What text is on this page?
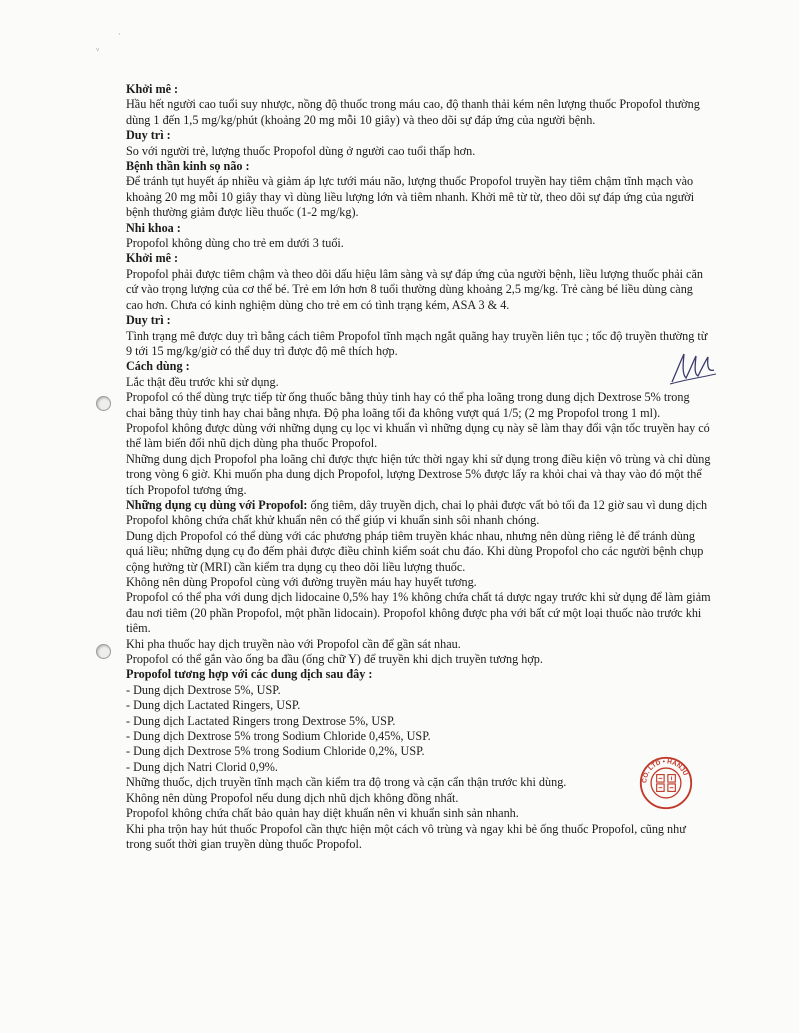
ᵥ
·

Khởi mê :

Hầu hết người cao tuổi suy nhược, nồng độ thuốc trong máu cao, độ thanh thải kém nên lượng thuốc Propofol thường dùng 1 đến 1,5 mg/kg/phút (khoảng 20 mg mỗi 10 giây) và theo dõi sự đáp ứng của người bệnh.

Duy trì :

So với người trẻ, lượng thuốc Propofol dùng ở người cao tuổi thấp hơn.

Bệnh thần kinh sọ não :

Để tránh tụt huyết áp nhiều và giảm áp lực tưới máu não, lượng thuốc Propofol truyền hay tiêm chậm tĩnh mạch vào khoảng 20 mg mỗi 10 giây thay vì dùng liều lượng lớn và tiêm nhanh. Khởi mê từ từ, theo dõi sự đáp ứng của người bệnh thường giảm được liều thuốc (1-2 mg/kg).

Nhi khoa :

Propofol không dùng cho trẻ em dưới 3 tuổi.

Khởi mê :

Propofol phải được tiêm chậm và theo dõi dấu hiệu lâm sàng và sự đáp ứng của người bệnh, liều lượng thuốc phải căn cứ vào trọng lượng của cơ thể bé. Trẻ em lớn hơn 8 tuổi thường dùng khoảng 2,5 mg/kg. Trẻ càng bé liều dùng càng cao hơn. Chưa có kinh nghiệm dùng cho trẻ em có tình trạng kém, ASA 3 & 4.

Duy trì :

Tình trạng mê được duy trì bằng cách tiêm Propofol tĩnh mạch ngắt quãng hay truyền liên tục ; tốc độ truyền thường từ 9 tới 15 mg/kg/giờ có thể duy trì được độ mê thích hợp.

Cách dùng :

Lắc thật đều trước khi sử dụng.

Propofol có thể dùng trực tiếp từ ống thuốc bằng thủy tinh hay có thể pha loãng trong dung dịch Dextrose 5% trong chai bằng thủy tinh hay chai bằng nhựa. Độ pha loãng tối đa không vượt quá 1/5; (2 mg Propofol trong 1 ml).

Propofol không được dùng với những dụng cụ lọc vi khuẩn vì những dụng cụ này sẽ làm thay đổi vận tốc truyền hay có thể làm biến đổi nhũ dịch dùng pha thuốc Propofol.

Những dung dịch Propofol pha loãng chỉ được thực hiện tức thời ngay khi sử dụng trong điều kiện vô trùng và chỉ dùng trong vòng 6 giờ. Khi muốn pha dung dịch Propofol, lượng Dextrose 5% được lấy ra khỏi chai và thay vào đó một thể tích Propofol tương ứng.

Những dụng cụ dùng với Propofol: ống tiêm, dây truyền dịch, chai lọ phải được vất bỏ tối đa 12 giờ sau vì dung dịch Propofol không chứa chất khử khuẩn nên có thể giúp vi khuẩn sinh sôi nhanh chóng.

Dung dịch Propofol có thể dùng với các phương pháp tiêm truyền khác nhau, nhưng nên dùng riêng lẻ để tránh dùng quá liều; những dụng cụ đo đếm phải được điều chỉnh kiểm soát chu đáo. Khi dùng Propofol cho các người bệnh chụp cộng hưởng từ (MRI) cần kiểm tra dụng cụ theo dõi liều lượng thuốc.

Không nên dùng Propofol cùng với đường truyền máu hay huyết tương.

Propofol có thể pha với dung dịch lidocaine 0,5% hay 1% không chứa chất tá dược ngay trước khi sử dụng để làm giảm đau nơi tiêm (20 phần Propofol, một phần lidocain). Propofol không được pha với bất cứ một loại thuốc nào trước khi tiêm.

Khi pha thuốc hay dịch truyền nào với Propofol cần để gần sát nhau.

Propofol có thể gắn vào ống ba đầu (ống chữ Y) để truyền khi dịch truyền tương hợp.

Propofol tương hợp với các dung dịch sau đây :

- Dung dịch Dextrose 5%, USP.

- Dung dịch Lactated Ringers, USP.

- Dung dịch Lactated Ringers trong Dextrose 5%, USP.

- Dung dịch Dextrose 5% trong Sodium Chloride 0,45%, USP.

- Dung dịch Dextrose 5% trong Sodium Chloride 0,2%, USP.

- Dung dịch Natri Clorid 0,9%.

Những thuốc, dịch truyền tĩnh mạch cần kiểm tra độ trong và cặn cẩn thận trước khi dùng.

Không nên dùng Propofol nếu dung dịch nhũ dịch không đồng nhất.

Propofol không chứa chất bảo quản hay diệt khuẩn nên vi khuẩn sinh sản nhanh.

Khi pha trộn hay hút thuốc Propofol cần thực hiện một cách vô trùng và ngay khi bẻ ống thuốc Propofol, cũng như trong suốt thời gian truyền dùng thuốc Propofol.

CO. LTD • HANJU
